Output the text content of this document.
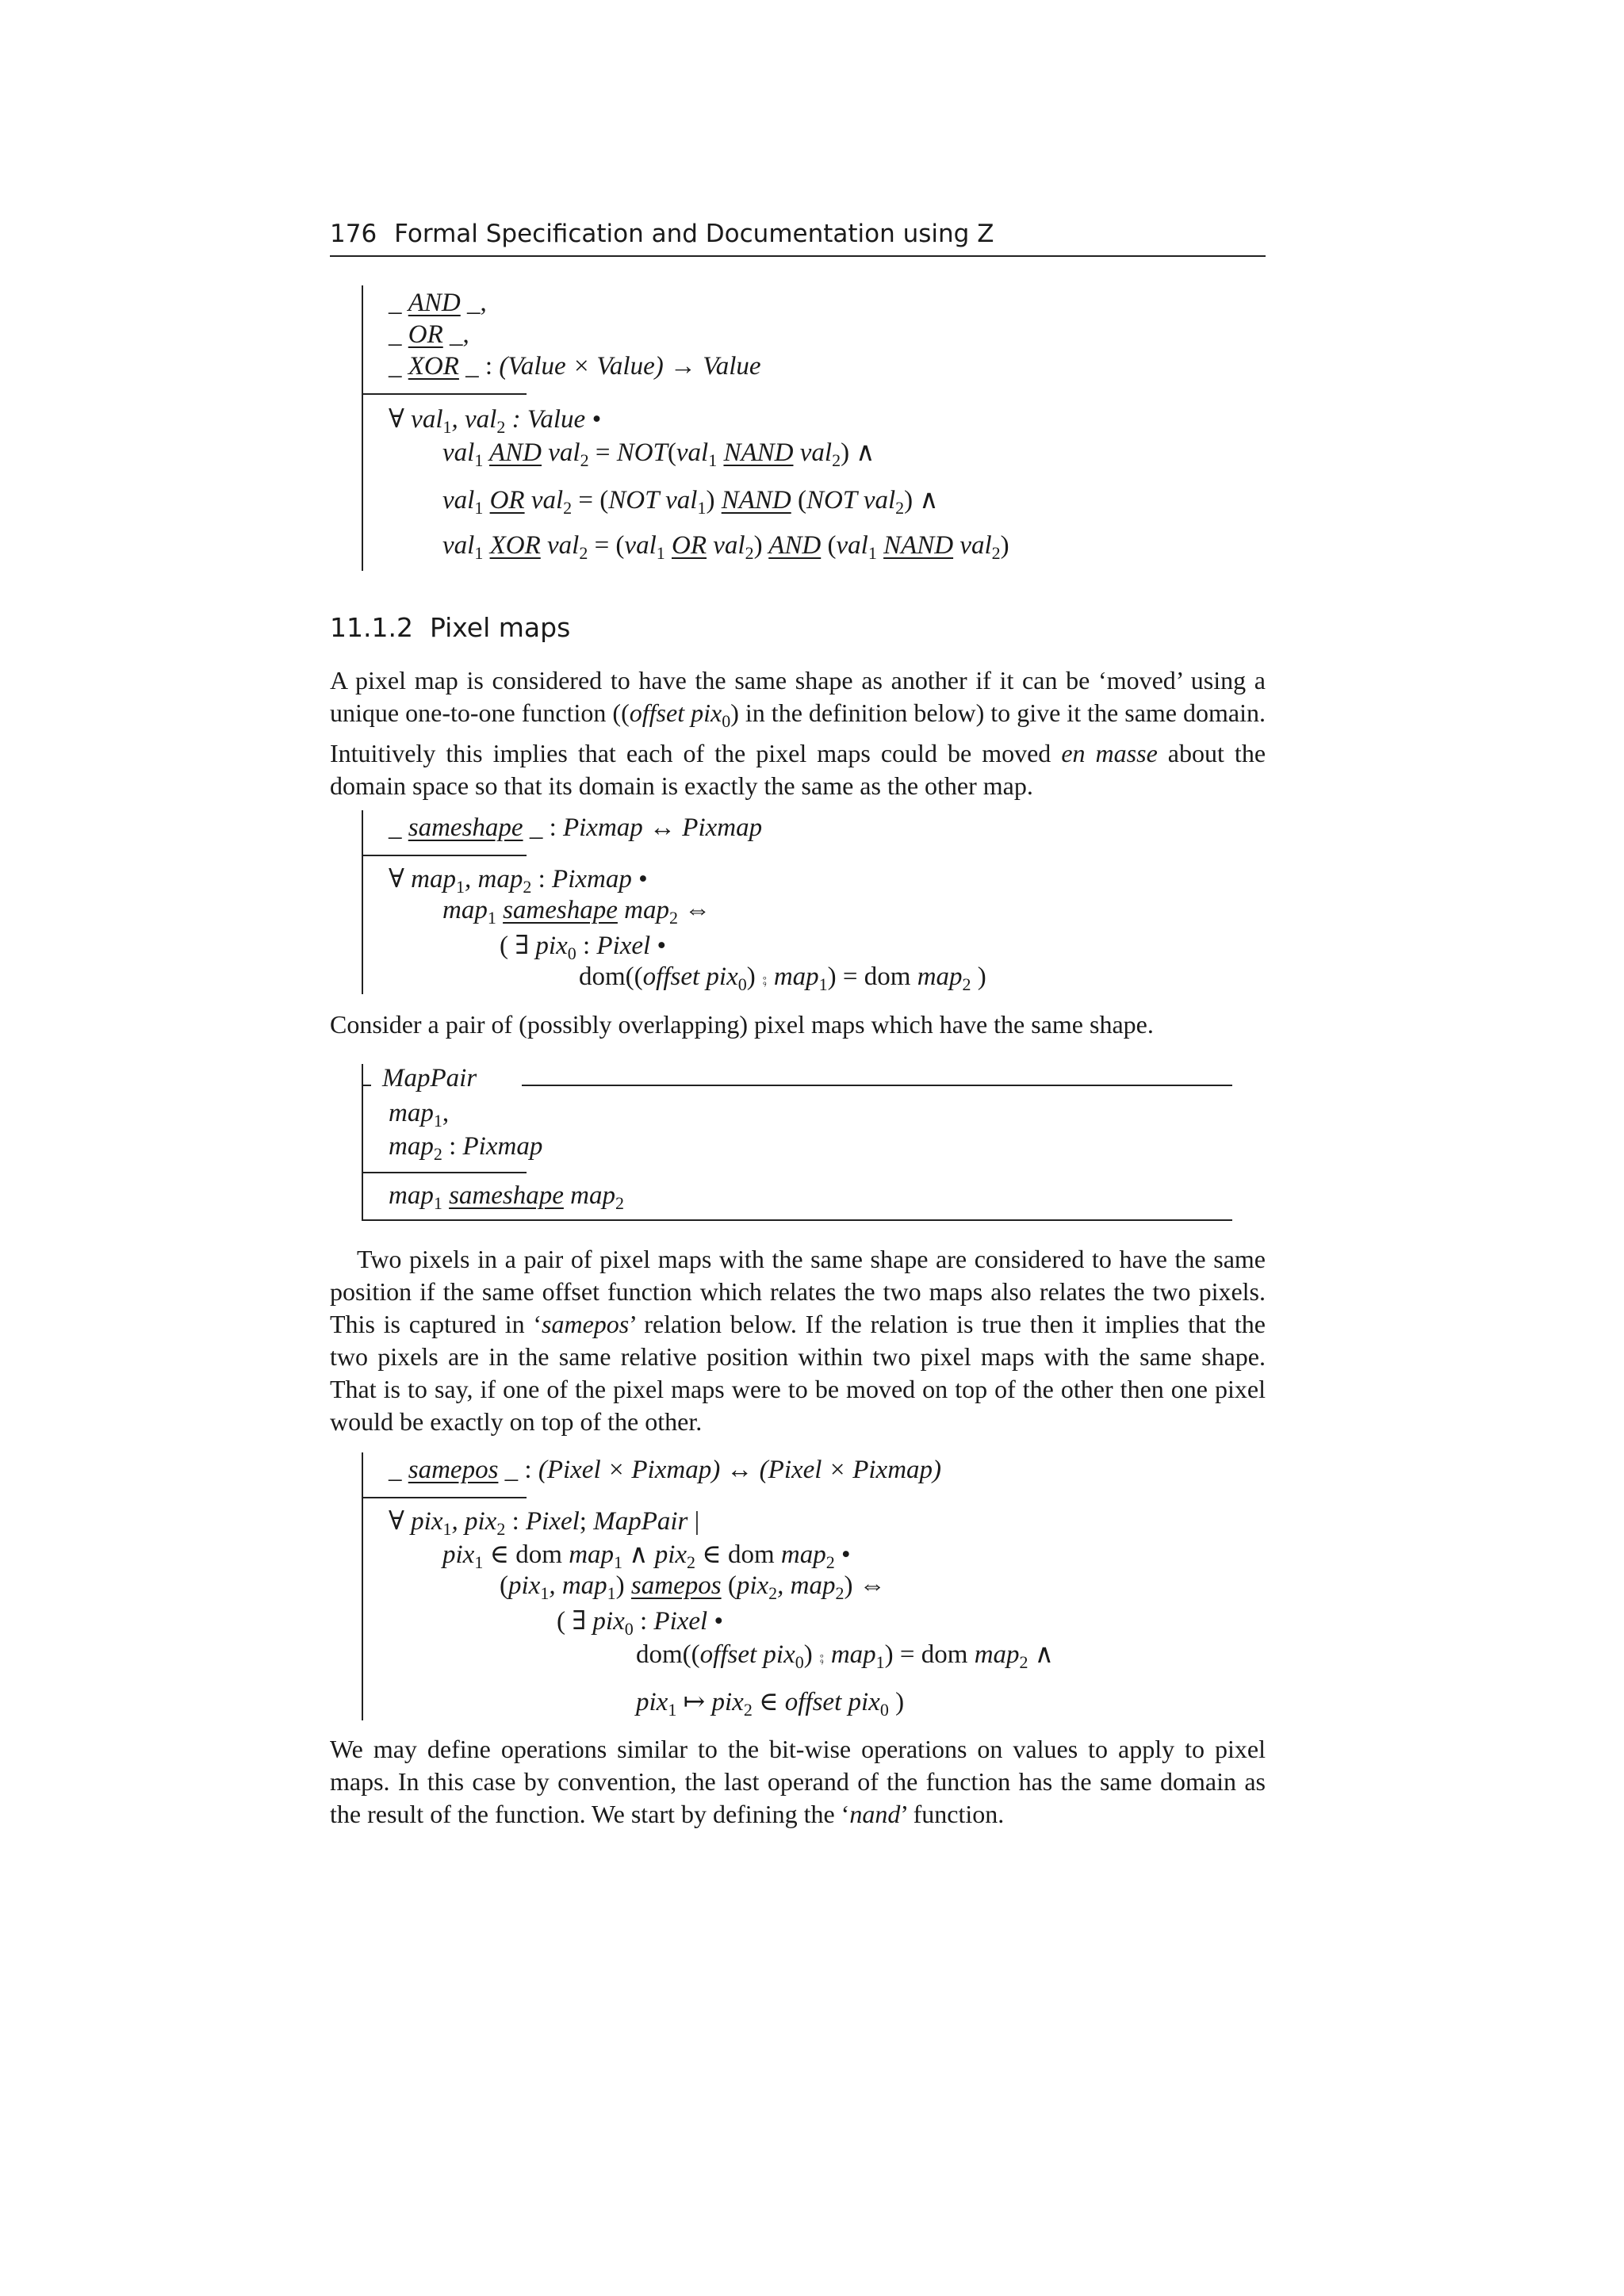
176 Formal Specification and Documentation using Z
_ AND _,
_ OR _,
_ XOR _ : (Value × Value) → Value
∀ val$_1$, val$_2$ : Value •
val$_1$ AND val$_2$ = NOT(val$_1$ NAND val$_2$) ∧
val$_1$ OR val$_2$ = (NOT val$_1$) NAND (NOT val$_2$) ∧
val$_1$ XOR val$_2$ = (val$_1$ OR val$_2$) AND (val$_1$ NAND val$_2$)
11.1.2 Pixel maps

A pixel map is considered to have the same shape as another if it can be ‘moved’ using a unique one-to-one function ((offset pix$_0$) in the definition below) to give it the same domain. Intuitively this implies that each of the pixel maps could be moved en masse about the domain space so that its domain is exactly the same as the other map.

_ sameshape _ : Pixmap ↔ Pixmap
∀ map$_1$, map$_2$ : Pixmap •
map$_1$ sameshape map$_2$ ⇔
( ∃ pix$_0$ : Pixel •
dom((offset pix$_0$) ⨾ map$_1$) = dom map$_2$ )

Consider a pair of (possibly overlapping) pixel maps which have the same shape.

MapPair
map$_1$,
map$_2$ : Pixmap
map$_1$ sameshape map$_2$

Two pixels in a pair of pixel maps with the same shape are considered to have the same position if the same offset function which relates the two maps also relates the two pixels. This is captured in ‘samepos’ relation below. If the relation is true then it implies that the two pixels are in the same relative position within two pixel maps with the same shape. That is to say, if one of the pixel maps were to be moved on top of the other then one pixel would be exactly on top of the other.

_ samepos _ : (Pixel × Pixmap) ↔ (Pixel × Pixmap)
∀ pix$_1$, pix$_2$ : Pixel; MapPair |
pix$_1$ ∈ dom map$_1$ ∧ pix$_2$ ∈ dom map$_2$ •
(pix$_1$, map$_1$) samepos (pix$_2$, map$_2$) ⇔
( ∃ pix$_0$ : Pixel •
dom((offset pix$_0$) ⨾ map$_1$) = dom map$_2$ ∧
pix$_1$ ↦ pix$_2$ ∈ offset pix$_0$ )

We may define operations similar to the bit-wise operations on values to apply to pixel maps. In this case by convention, the last operand of the function has the same domain as the result of the function. We start by defining the ‘nand’ function.
